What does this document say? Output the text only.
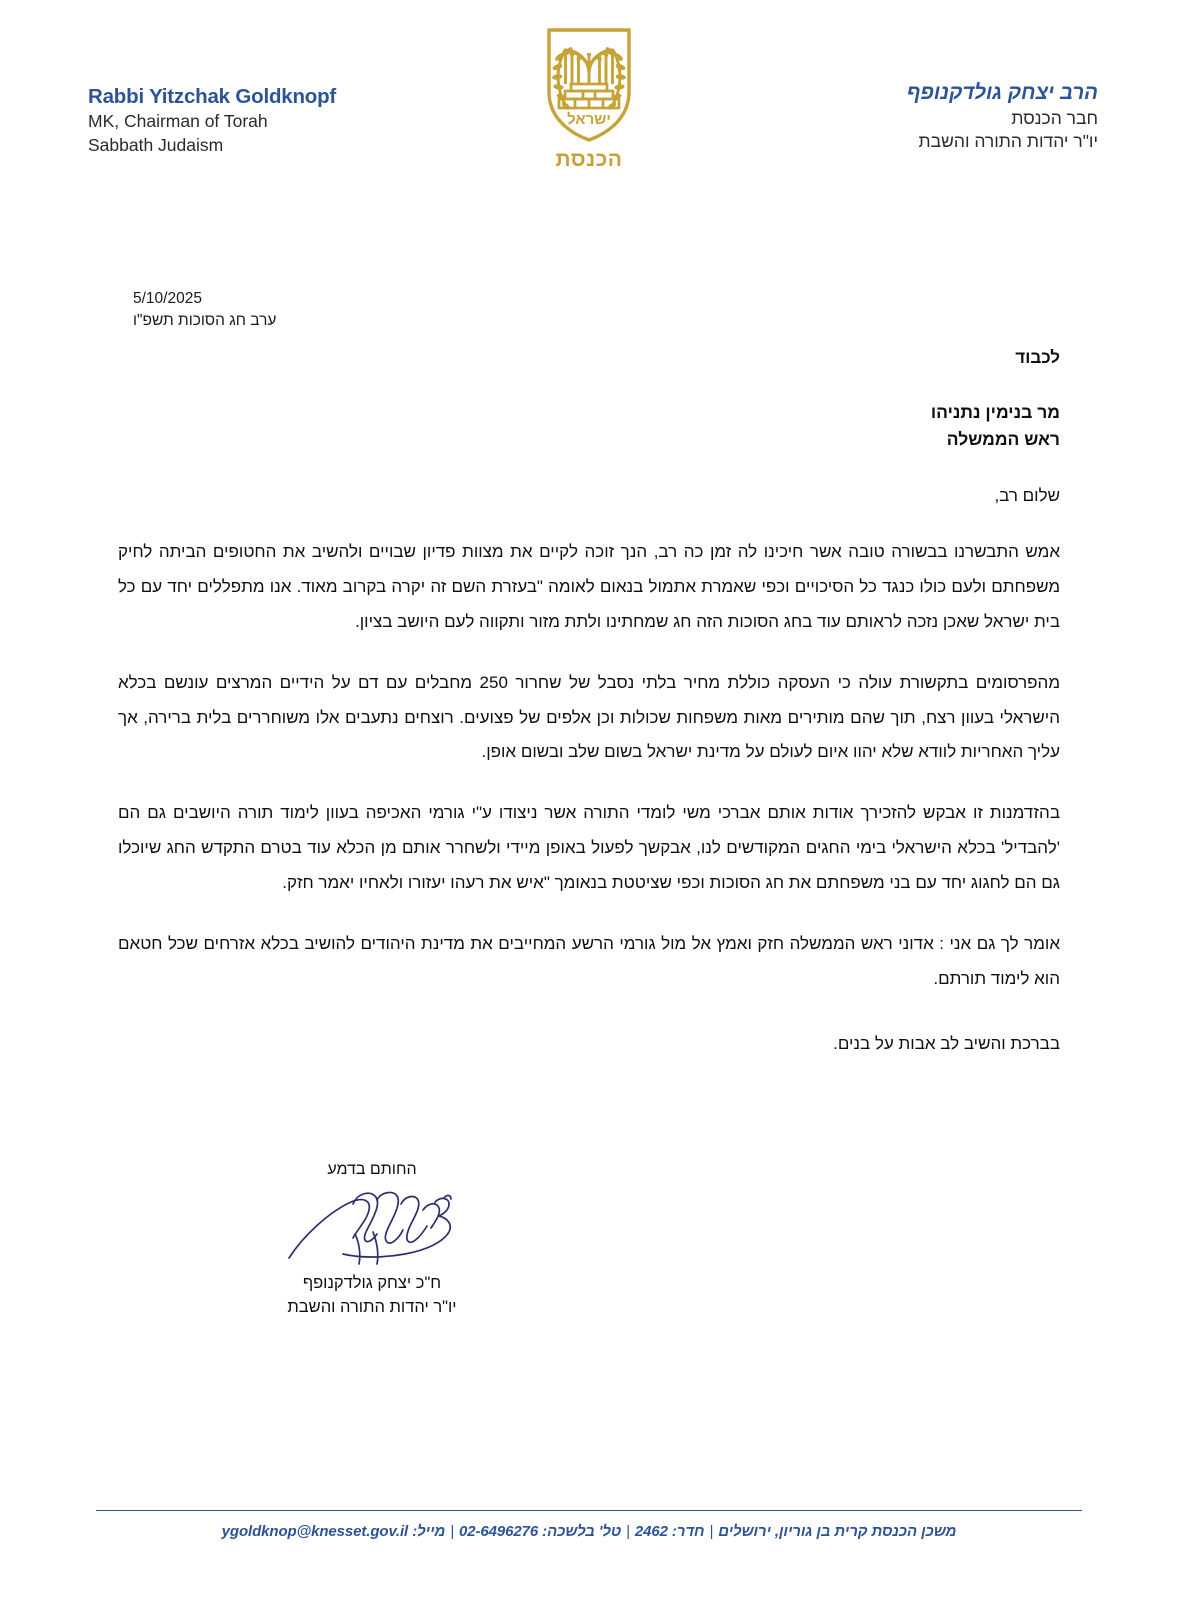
Rabbi Yitzchak Goldknopf
MK, Chairman of Torah
Sabbath Judaism
ישראל
הכנסת
הרב יצחק גולדקנופף
חבר הכנסת
יו"ר יהדות התורה והשבת
5/10/2025
ערב חג הסוכות תשפ"ו
לכבוד
מר בנימין נתניהו
ראש הממשלה
שלום רב,

אמש התבשרנו בבשורה טובה אשר חיכינו לה זמן כה רב, הנך זוכה לקיים את מצוות פדיון שבויים ולהשיב את החטופים הביתה לחיק משפחתם ולעם כולו כנגד כל הסיכויים וכפי שאמרת אתמול בנאום לאומה "בעזרת השם זה יקרה בקרוב מאוד. אנו מתפללים יחד עם כל בית ישראל שאכן נזכה לראותם עוד בחג הסוכות הזה חג שמחתינו ולתת מזור ותקווה לעם היושב בציון.

מהפרסומים בתקשורת עולה כי העסקה כוללת מחיר בלתי נסבל של שחרור 250 מחבלים עם דם על הידיים המרצים עונשם בכלא הישראלי בעוון רצח, תוך שהם מותירים מאות משפחות שכולות וכן אלפים של פצועים. רוצחים נתעבים אלו משוחררים בלית ברירה, אך עליך האחריות לוודא שלא יהוו איום לעולם על מדינת ישראל בשום שלב ובשום אופן.

בהזדמנות זו אבקש להזכירך אודות אותם אברכי משי לומדי התורה אשר ניצודו ע"י גורמי האכיפה בעוון לימוד תורה היושבים גם הם 'להבדיל' בכלא הישראלי בימי החגים המקודשים לנו, אבקשך לפעול באופן מיידי ולשחרר אותם מן הכלא עוד בטרם התקדש החג שיוכלו גם הם לחגוג יחד עם בני משפחתם את חג הסוכות וכפי שציטטת בנאומך "איש את רעהו יעזורו ולאחיו יאמר חזק.

אומר לך גם אני : אדוני ראש הממשלה חזק ואמץ אל מול גורמי הרשע המחייבים את מדינת היהודים להושיב בכלא אזרחים שכל חטאם הוא לימוד תורתם.

בברכת והשיב לב אבות על בנים.
החותם בדמע
ח"כ יצחק גולדקנופף
יו"ר יהדות התורה והשבת
משכן הכנסת קרית בן גוריון, ירושלים|חדר: 2462|טל' בלשכה: 02-6496276|מייל: ygoldknop@knesset.gov.il
